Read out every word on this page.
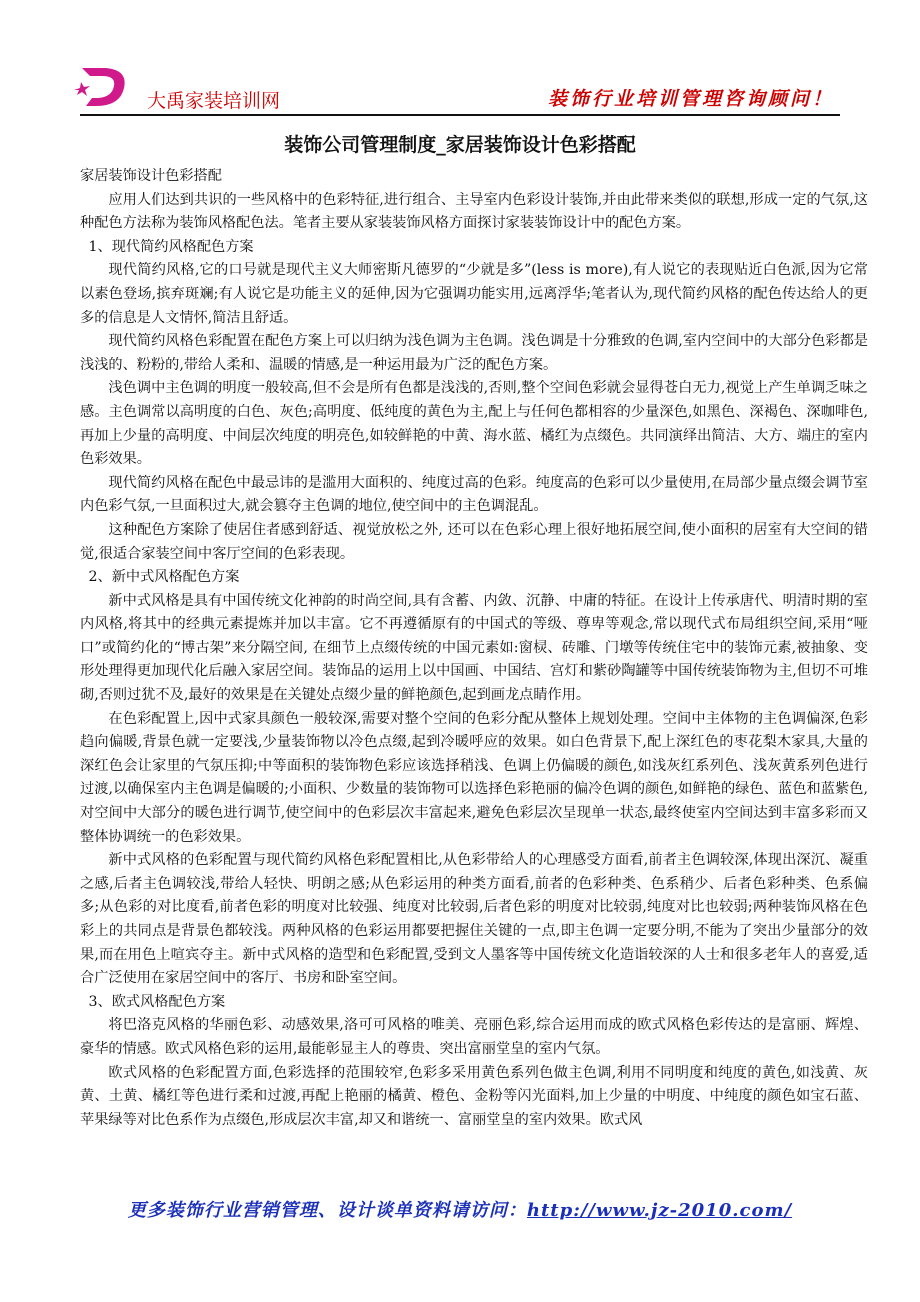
大禹家装培训网	装饰行业培训管理咨询顾问！
装饰公司管理制度_家居装饰设计色彩搭配

家居装饰设计色彩搭配

应用人们达到共识的一些风格中的色彩特征,进行组合、主导室内色彩设计装饰,并由此带来类似的联想,形成一定的气氛,这种配色方法称为装饰风格配色法。笔者主要从家装装饰风格方面探讨家装装饰设计中的配色方案。

1、现代简约风格配色方案

现代简约风格,它的口号就是现代主义大师密斯凡德罗的“少就是多”(less is more),有人说它的表现贴近白色派,因为它常以素色登场,摈弃斑斓;有人说它是功能主义的延伸,因为它强调功能实用,远离浮华;笔者认为,现代简约风格的配色传达给人的更多的信息是人文情怀,简洁且舒适。

现代简约风格色彩配置在配色方案上可以归纳为浅色调为主色调。浅色调是十分雅致的色调,室内空间中的大部分色彩都是浅浅的、粉粉的,带给人柔和、温暖的情感,是一种运用最为广泛的配色方案。

浅色调中主色调的明度一般较高,但不会是所有色都是浅浅的,否则,整个空间色彩就会显得苍白无力,视觉上产生单调乏味之感。主色调常以高明度的白色、灰色;高明度、低纯度的黄色为主,配上与任何色都相容的少量深色,如黑色、深褐色、深咖啡色,再加上少量的高明度、中间层次纯度的明亮色,如较鲜艳的中黄、海水蓝、橘红为点缀色。共同演绎出简洁、大方、端庄的室内色彩效果。

现代简约风格在配色中最忌讳的是滥用大面积的、纯度过高的色彩。纯度高的色彩可以少量使用,在局部少量点缀会调节室内色彩气氛,一旦面积过大,就会篡夺主色调的地位,使空间中的主色调混乱。

这种配色方案除了使居住者感到舒适、视觉放松之外, 还可以在色彩心理上很好地拓展空间,使小面积的居室有大空间的错觉,很适合家装空间中客厅空间的色彩表现。

2、新中式风格配色方案

新中式风格是具有中国传统文化神韵的时尚空间,具有含蓄、内敛、沉静、中庸的特征。在设计上传承唐代、明清时期的室内风格,将其中的经典元素提炼并加以丰富。它不再遵循原有的中国式的等级、尊卑等观念,常以现代式布局组织空间,采用“哑口”或简约化的“博古架”来分隔空间, 在细节上点缀传统的中国元素如:窗棂、砖雕、门墩等传统住宅中的装饰元素,被抽象、变形处理得更加现代化后融入家居空间。装饰品的运用上以中国画、中国结、宫灯和紫砂陶罐等中国传统装饰物为主,但切不可堆砌,否则过犹不及,最好的效果是在关键处点缀少量的鲜艳颜色,起到画龙点睛作用。

在色彩配置上,因中式家具颜色一般较深,需要对整个空间的色彩分配从整体上规划处理。空间中主体物的主色调偏深,色彩趋向偏暖,背景色就一定要浅,少量装饰物以冷色点缀,起到冷暖呼应的效果。如白色背景下,配上深红色的枣花梨木家具,大量的深红色会让家里的气氛压抑;中等面积的装饰物色彩应该选择稍浅、色调上仍偏暖的颜色,如浅灰红系列色、浅灰黄系列色进行过渡,以确保室内主色调是偏暖的;小面积、少数量的装饰物可以选择色彩艳丽的偏冷色调的颜色,如鲜艳的绿色、蓝色和蓝紫色,对空间中大部分的暖色进行调节,使空间中的色彩层次丰富起来,避免色彩层次呈现单一状态,最终使室内空间达到丰富多彩而又整体协调统一的色彩效果。

新中式风格的色彩配置与现代简约风格色彩配置相比,从色彩带给人的心理感受方面看,前者主色调较深,体现出深沉、凝重之感,后者主色调较浅,带给人轻快、明朗之感;从色彩运用的种类方面看,前者的色彩种类、色系稍少、后者色彩种类、色系偏多;从色彩的对比度看,前者色彩的明度对比较强、纯度对比较弱,后者色彩的明度对比较弱,纯度对比也较弱;两种装饰风格在色彩上的共同点是背景色都较浅。两种风格的色彩运用都要把握住关键的一点,即主色调一定要分明,不能为了突出少量部分的效果,而在用色上喧宾夺主。新中式风格的造型和色彩配置,受到文人墨客等中国传统文化造诣较深的人士和很多老年人的喜爱,适合广泛使用在家居空间中的客厅、书房和卧室空间。

3、欧式风格配色方案

将巴洛克风格的华丽色彩、动感效果,洛可可风格的唯美、亮丽色彩,综合运用而成的欧式风格色彩传达的是富丽、辉煌、豪华的情感。欧式风格色彩的运用,最能彰显主人的尊贵、突出富丽堂皇的室内气氛。

欧式风格的色彩配置方面,色彩选择的范围较窄,色彩多采用黄色系列色做主色调,利用不同明度和纯度的黄色,如浅黄、灰黄、土黄、橘红等色进行柔和过渡,再配上艳丽的橘黄、橙色、金粉等闪光面料,加上少量的中明度、中纯度的颜色如宝石蓝、苹果绿等对比色系作为点缀色,形成层次丰富,却又和谐统一、富丽堂皇的室内效果。欧式风

更多装饰行业营销管理、设计谈单资料请访问：http://www.jz-2010.com/
